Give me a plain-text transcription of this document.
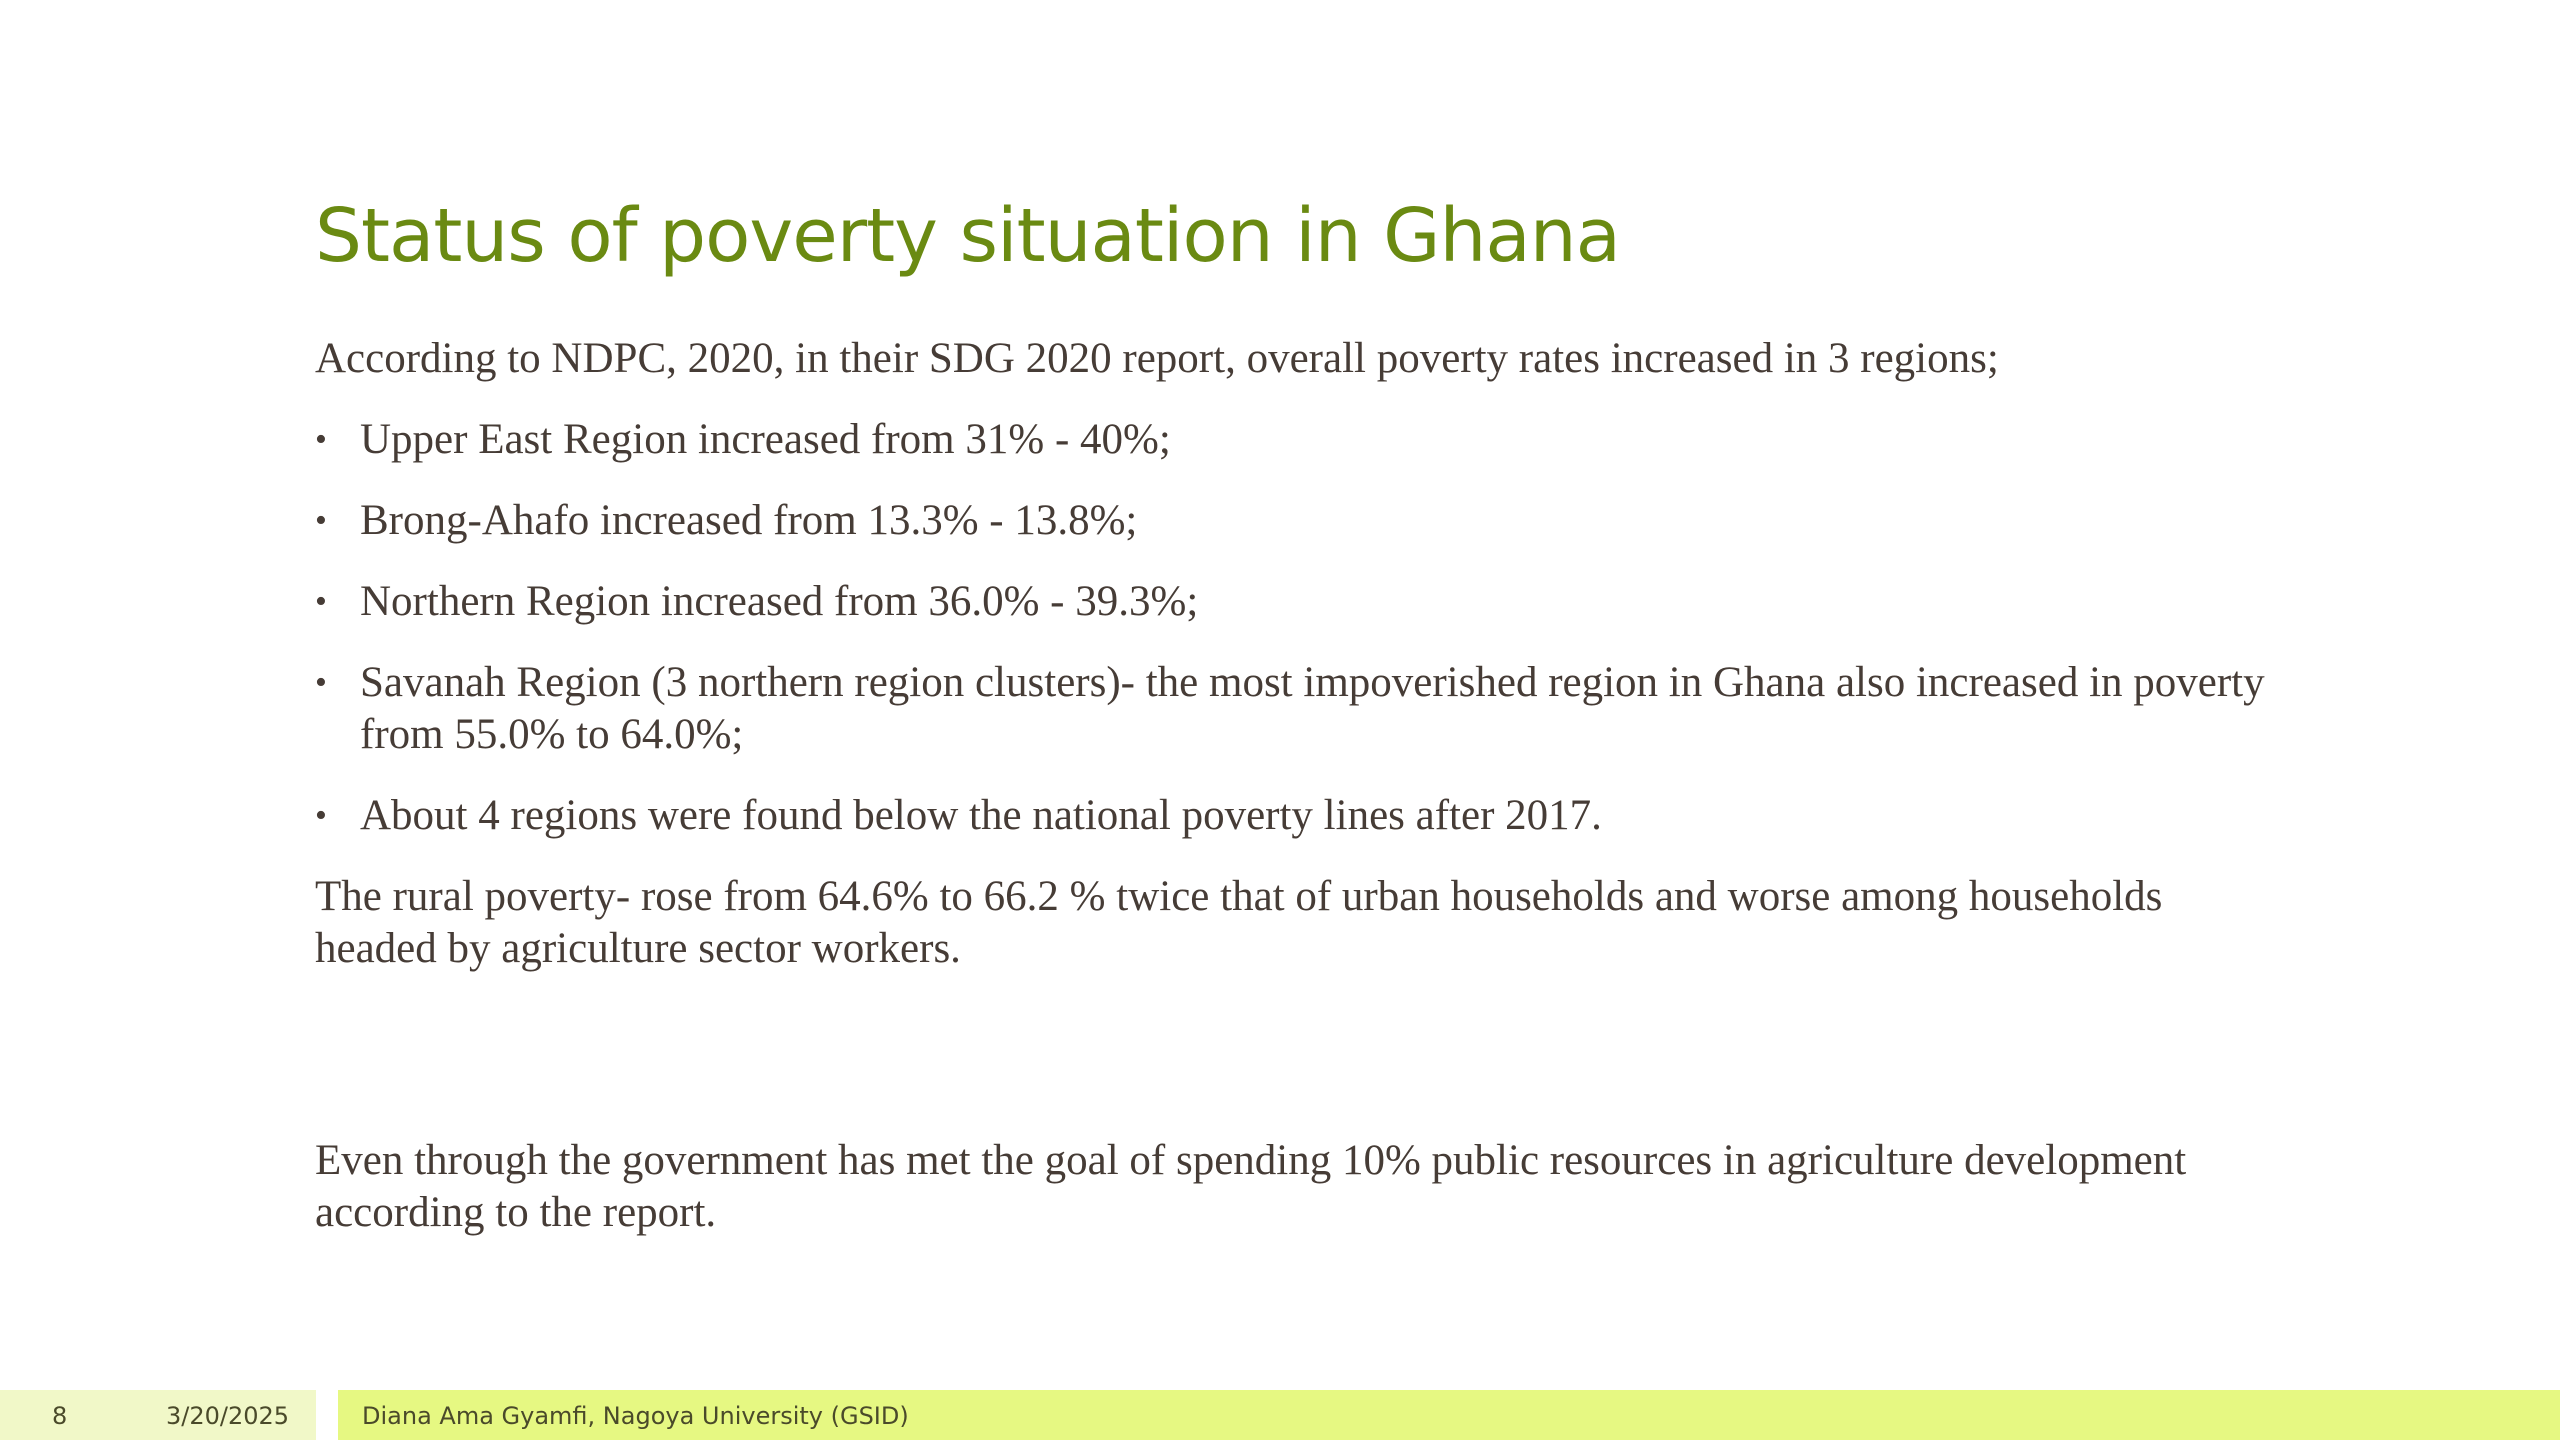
Status of poverty situation in Ghana

According to NDPC, 2020, in their SDG 2020 report, overall poverty rates increased in 3 regions;

• Upper East Region increased from 31% - 40%;
• Brong-Ahafo increased from 13.3% - 13.8%;
• Northern Region increased from 36.0% - 39.3%;
• Savanah Region (3 northern region clusters)- the most impoverished region in Ghana also increased in poverty from 55.0% to 64.0%;
• About 4 regions were found below the national poverty lines after 2017.

The rural poverty- rose from 64.6% to 66.2 % twice that of urban households and worse among households headed by agriculture sector workers.

Even through the government has met the goal of spending 10% public resources in agriculture development according to the report.

8	3/20/2025	Diana Ama Gyamfi, Nagoya University (GSID)
